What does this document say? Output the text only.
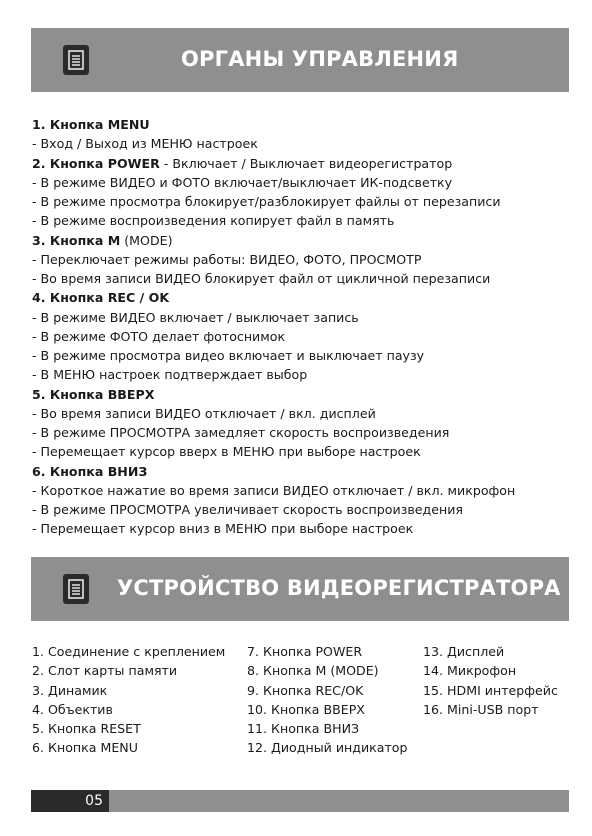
ОРГАНЫ УПРАВЛЕНИЯ
1. Кнопка MENU
- Вход / Выход из МЕНЮ настроек
2. Кнопка POWER - Включает / Выключает видеорегистратор
- В режиме ВИДЕО и ФОТО включает/выключает ИК-подсветку
- В режиме просмотра блокирует/разблокирует файлы от перезаписи
- В режиме воспроизведения копирует файл в память
3. Кнопка M (MODE)
- Переключает режимы работы: ВИДЕО, ФОТО, ПРОСМОТР
- Во время записи ВИДЕО блокирует файл от цикличной перезаписи
4. Кнопка REC / OK
- В режиме ВИДЕО включает / выключает запись
- В режиме ФОТО делает фотоснимок
- В режиме просмотра видео включает и выключает паузу
- В МЕНЮ настроек подтверждает выбор
5. Кнопка ВВЕРХ
- Во время записи ВИДЕО отключает / вкл. дисплей
- В режиме ПРОСМОТРА замедляет скорость воспроизведения
- Перемещает курсор вверх в МЕНЮ при выборе настроек
6. Кнопка ВНИЗ
- Короткое нажатие во время записи ВИДЕО отключает / вкл. микрофон
- В режиме ПРОСМОТРА увеличивает скорость воспроизведения
- Перемещает курсор вниз в МЕНЮ при выборе настроек
УСТРОЙСТВО ВИДЕОРЕГИСТРАТОРА
1. Соединение с креплением
2. Слот карты памяти
3. Динамик
4. Объектив
5. Кнопка RESET
6. Кнопка MENU
7. Кнопка POWER
8. Кнопка M (MODE)
9. Кнопка REC/OK
10. Кнопка ВВЕРХ
11. Кнопка ВНИЗ
12. Диодный индикатор
13. Дисплей
14. Микрофон
15. HDMI интерфейс
16. Mini-USB порт
05
